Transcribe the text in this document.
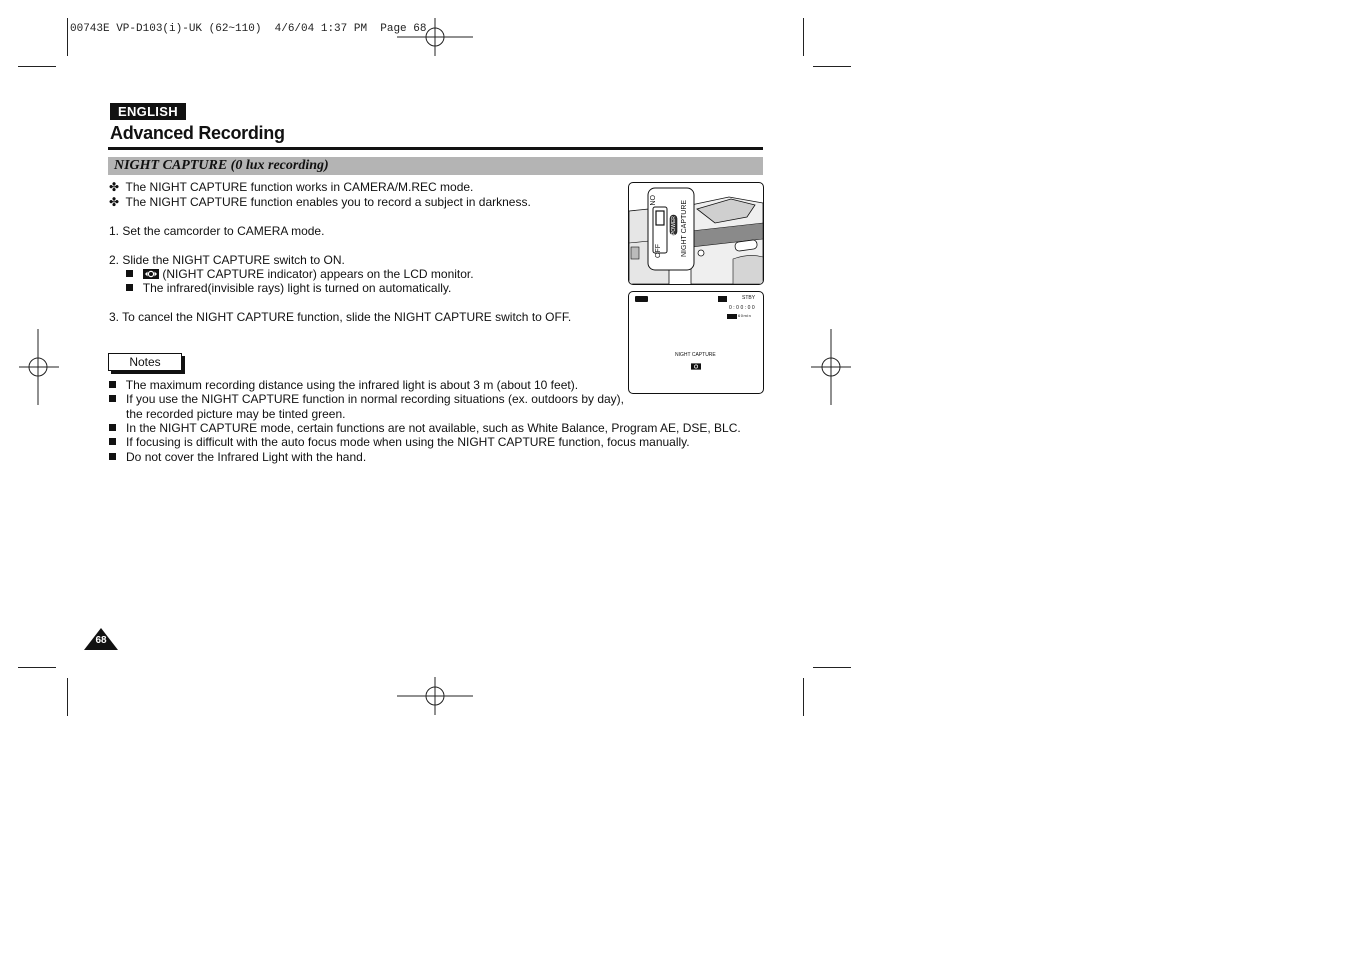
00743E VP-D103(i)-UK (62~110)  4/6/04 1:37 PM  Page 68
ENGLISH
Advanced Recording
NIGHT CAPTURE (0 lux recording)
✤ The NIGHT CAPTURE function works in CAMERA/M.REC mode.
✤ The NIGHT CAPTURE function enables you to record a subject in darkness.
1. Set the camcorder to CAMERA mode.
2. Slide the NIGHT CAPTURE switch to ON.
(NIGHT CAPTURE indicator) appears on the LCD monitor.
The infrared(invisible rays) light is turned on automatically.
3. To cancel the NIGHT CAPTURE function, slide the NIGHT CAPTURE switch to OFF.
Notes
The maximum recording distance using the infrared light is about 3 m (about 10 feet).
If you use the NIGHT CAPTURE function in normal recording situations (ex. outdoors by day),
the recorded picture may be tinted green.
In the NIGHT CAPTURE mode, certain functions are not available, such as White Balance, Program AE, DSE, BLC.
If focusing is difficult with the auto focus mode when using the NIGHT CAPTURE function, focus manually.
Do not cover the Infrared Light with the hand.
ON
OFF
POWER NIGHT CAPTURE
STBY
0:00:00
60min
NIGHT CAPTURE
68
